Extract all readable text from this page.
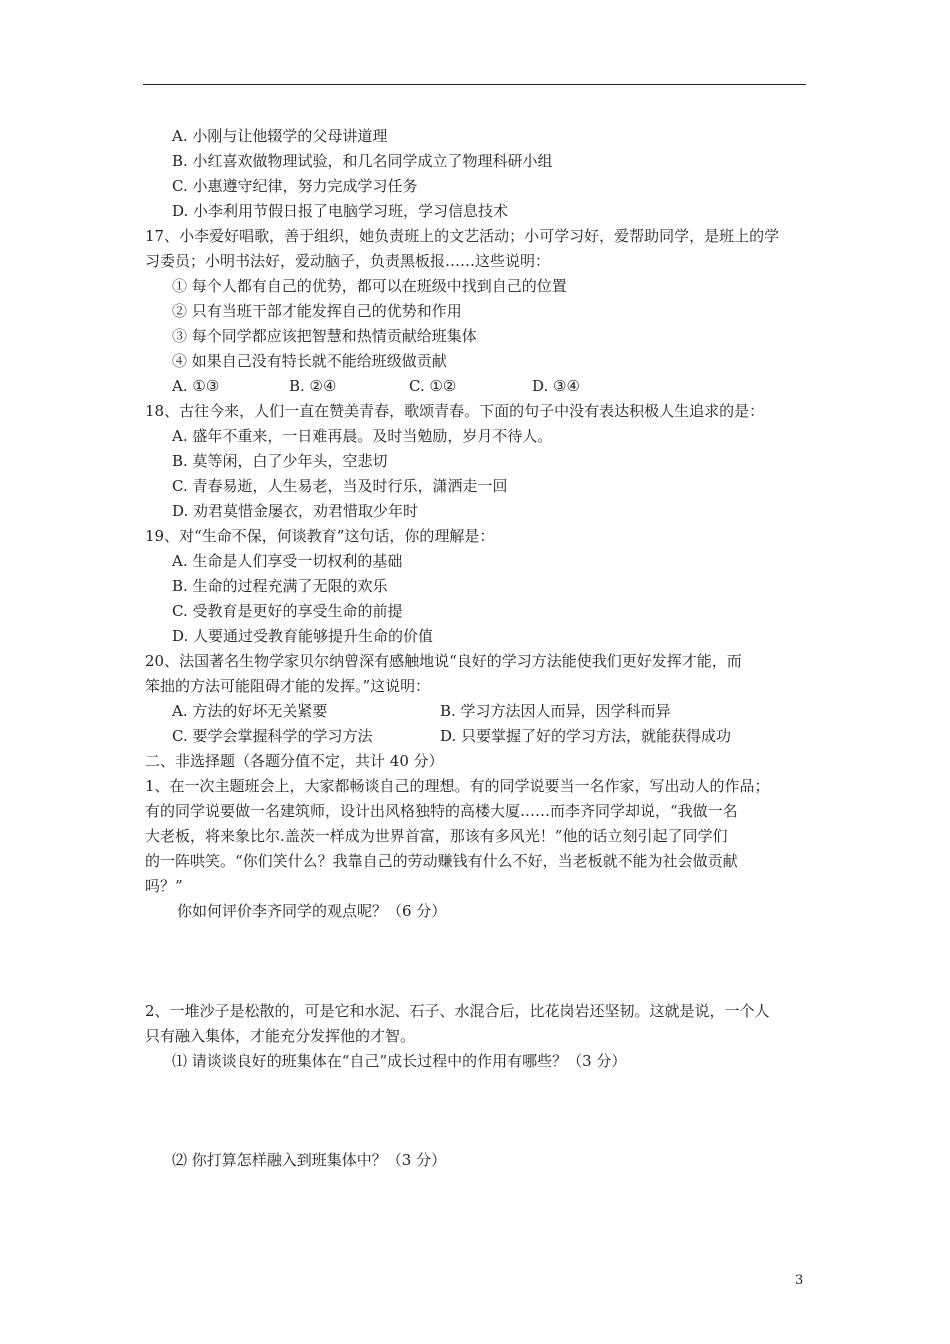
A. 小刚与让他辍学的父母讲道理
B. 小红喜欢做物理试验，和几名同学成立了物理科研小组
C. 小惠遵守纪律，努力完成学习任务
D. 小李利用节假日报了电脑学习班，学习信息技术
17、小李爱好唱歌，善于组织，她负责班上的文艺活动；小可学习好，爱帮助同学，是班上的学
习委员；小明书法好，爱动脑子，负责黑板报……这些说明：
① 每个人都有自己的优势，都可以在班级中找到自己的位置
② 只有当班干部才能发挥自己的优势和作用
③ 每个同学都应该把智慧和热情贡献给班集体
④ 如果自己没有特长就不能给班级做贡献
A. ①③	B. ②④	C. ①②	D. ③④
18、古往今来，人们一直在赞美青春，歌颂青春。下面的句子中没有表达积极人生追求的是：
A. 盛年不重来，一日难再晨。及时当勉励，岁月不待人。
B. 莫等闲，白了少年头，空悲切
C. 青春易逝，人生易老，当及时行乐，潇洒走一回
D. 劝君莫惜金屡衣，劝君惜取少年时
19、对“生命不保，何谈教育”这句话，你的理解是：
A. 生命是人们享受一切权利的基础
B. 生命的过程充满了无限的欢乐
C. 受教育是更好的享受生命的前提
D. 人要通过受教育能够提升生命的价值
20、法国著名生物学家贝尔纳曾深有感触地说“良好的学习方法能使我们更好发挥才能，而
笨拙的方法可能阻碍才能的发挥。”这说明：
A. 方法的好坏无关紧要	B. 学习方法因人而异，因学科而异
C. 要学会掌握科学的学习方法	D. 只要掌握了好的学习方法，就能获得成功
二、非选择题（各题分值不定，共计 40 分）
1、在一次主题班会上，大家都畅谈自己的理想。有的同学说要当一名作家，写出动人的作品；
有的同学说要做一名建筑师，设计出风格独特的高楼大厦……而李齐同学却说，“我做一名
大老板，将来象比尔.盖茨一样成为世界首富，那该有多风光！”他的话立刻引起了同学们
的一阵哄笑。“你们笑什么？我靠自己的劳动赚钱有什么不好，当老板就不能为社会做贡献
吗？”
你如何评价李齐同学的观点呢？（6 分）
2、一堆沙子是松散的，可是它和水泥、石子、水混合后，比花岗岩还坚韧。这就是说，一个人
只有融入集体，才能充分发挥他的才智。
⑴ 请谈谈良好的班集体在“自己”成长过程中的作用有哪些？（3 分）
⑵ 你打算怎样融入到班集体中？（3 分）
3
